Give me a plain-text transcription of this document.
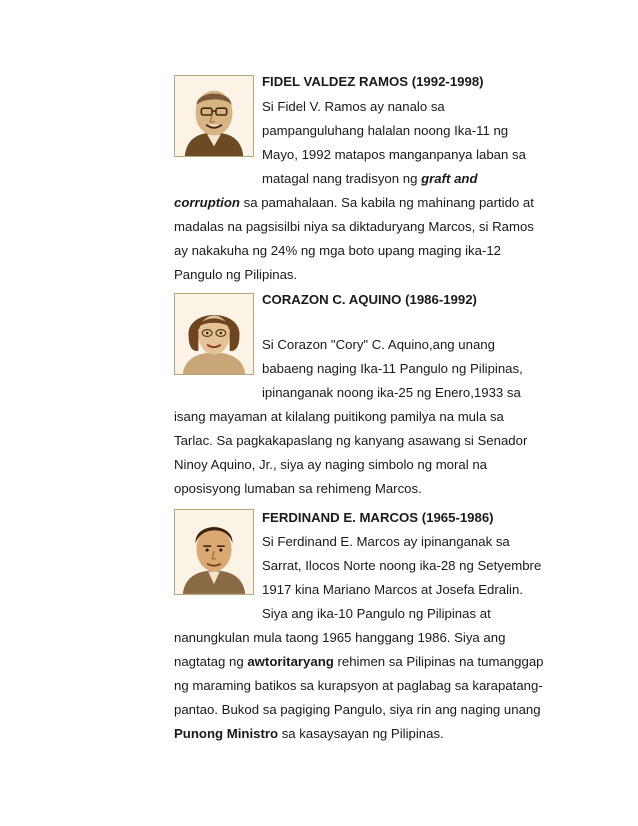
FIDEL VALDEZ RAMOS (1992-1998)
Si Fidel V. Ramos ay nanalo sa
pampanguluhang halalan noong Ika-11 ng
Mayo, 1992 matapos manganpanya laban sa
matagal nang tradisyon ng graft and
corruption sa pamahalaan. Sa kabila ng mahinang partido at
madalas na pagsisilbi niya sa diktaduryang Marcos, si Ramos
ay nakakuha ng 24% ng mga boto upang maging ika-12
Pangulo ng Pilipinas.
CORAZON C. AQUINO (1986-1992)
Si Corazon "Cory" C. Aquino,ang unang
babaeng naging Ika-11 Pangulo ng Pilipinas,
ipinanganak noong ika-25 ng Enero,1933 sa
isang mayaman at kilalang puitikong pamilya na mula sa
Tarlac. Sa pagkakapaslang ng kanyang asawang si Senador
Ninoy Aquino, Jr., siya ay naging simbolo ng moral na
oposisyong lumaban sa rehimeng Marcos.
FERDINAND E. MARCOS (1965-1986)
Si Ferdinand E. Marcos ay ipinanganak sa
Sarrat, Ilocos Norte noong ika-28 ng Setyembre
1917 kina Mariano Marcos at Josefa Edralin.
Siya ang ika-10 Pangulo ng Pilipinas at
nanungkulan mula taong 1965 hanggang 1986. Siya ang
nagtatag ng awtoritaryang rehimen sa Pilipinas na tumanggap
ng maraming batikos sa kurapsyon at paglabag sa karapatang-
pantao. Bukod sa pagiging Pangulo, siya rin ang naging unang
Punong Ministro sa kasaysayan ng Pilipinas.
